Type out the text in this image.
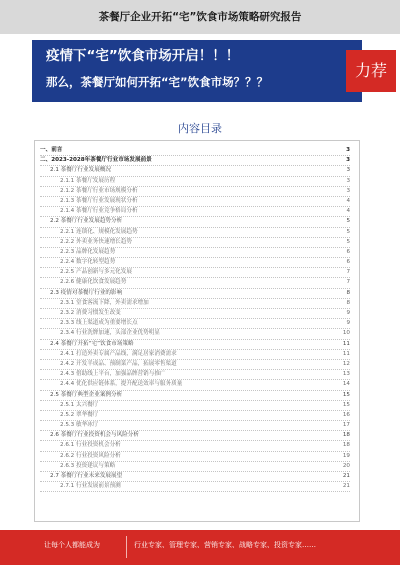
茶餐厅企业开拓“宅”饮食市场策略研究报告
疫情下“宅”饮食市场开启！！！
那么，茶餐厅如何开拓“宅”饮食市场？？？
力荐
内容目录
一、前言	3
二、2023-2028年茶餐厅行业市场发展前景	3
2.1 茶餐厅行业发展概况	3
2.1.1 茶餐厅发展历程	3
2.1.2 茶餐厅行业市场规模分析	3
2.1.3 茶餐厅行业发展现状分析	4
2.1.4 茶餐厅行业竞争格局分析	4
2.2 茶餐厅行业发展趋势分析	5
2.2.1 连锁化、规模化发展趋势	5
2.2.2 外卖业务快速增长趋势	5
2.2.3 品牌化发展趋势	6
2.2.4 数字化转型趋势	6
2.2.5 产品创新与多元化发展	7
2.2.6 健康化饮食发展趋势	7
2.3 疫情对茶餐厅行业的影响	8
2.3.1 堂食客流下降，外卖需求增加	8
2.3.2 消费习惯发生改变	9
2.3.3 线上渠道成为重要增长点	9
2.3.4 行业洗牌加速，头部企业优势明显	10
2.4 茶餐厅开拓“宅”饮食市场策略	11
2.4.1 打造外卖专属产品线，满足居家消费需求	11
2.4.2 开发半成品、预制菜产品，拓展零售渠道	12
2.4.3 借助线上平台，加强品牌营销与推广	13
2.4.4 优化供应链体系，提升配送效率与服务质量	14
2.5 茶餐厅典型企业案例分析	15
2.5.1 太兴餐厅	15
2.5.2 翠华餐厅	16
2.5.3 敏华冰厅	17
2.6 茶餐厅行业投资机会与风险分析	18
2.6.1 行业投资机会分析	18
2.6.2 行业投资风险分析	19
2.6.3 投资建议与策略	20
2.7 茶餐厅行业未来发展展望	21
2.7.1 行业发展前景预测	21
让每个人都能成为	行业专家、管理专家、营销专家、战略专家、投资专家……
